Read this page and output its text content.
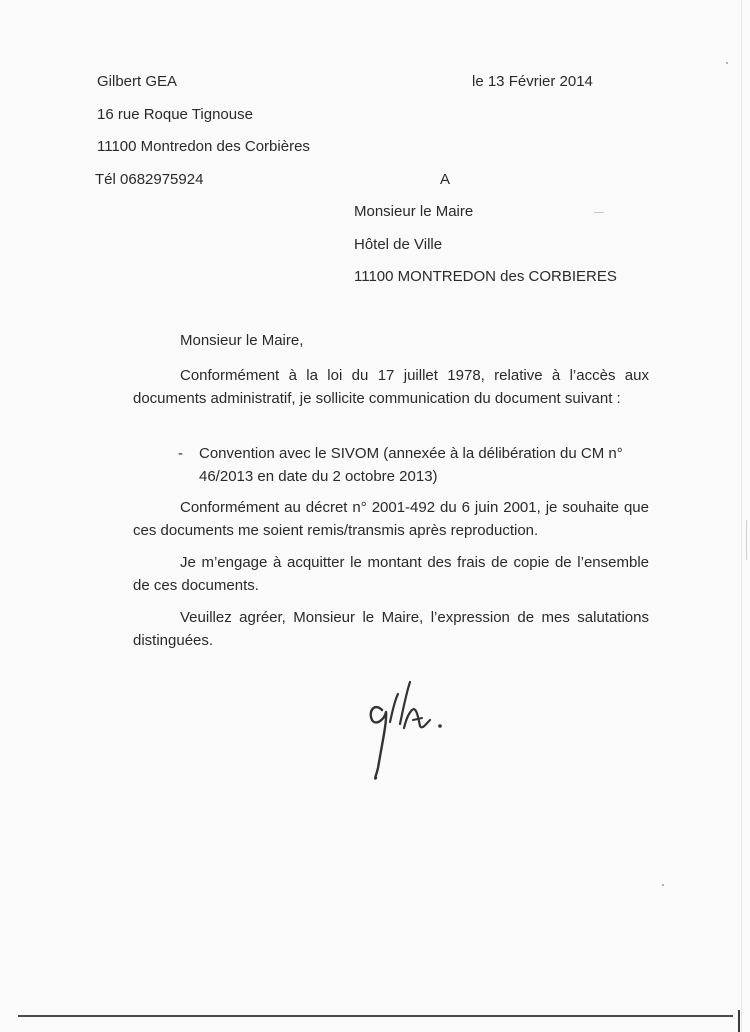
Gilbert GEA
16 rue Roque Tignouse
11100 Montredon des Corbières
Tél 0682975924
le 13 Février 2014
A
Monsieur le Maire
Hôtel de Ville
11100 MONTREDON des CORBIERES
Monsieur le Maire,
Conformément à la loi du 17 juillet 1978, relative à l’accès aux documents administratif, je sollicite communication du document suivant :
- Convention avec le SIVOM (annexée à la délibération du CM n° 46/2013 en date du 2 octobre 2013)
Conformément au décret n° 2001-492 du 6 juin 2001, je souhaite que ces documents me soient remis/transmis après reproduction.
Je m’engage à acquitter le montant des frais de copie de l’ensemble de ces documents.
Veuillez agréer, Monsieur le Maire, l’expression de mes salutations distinguées.
